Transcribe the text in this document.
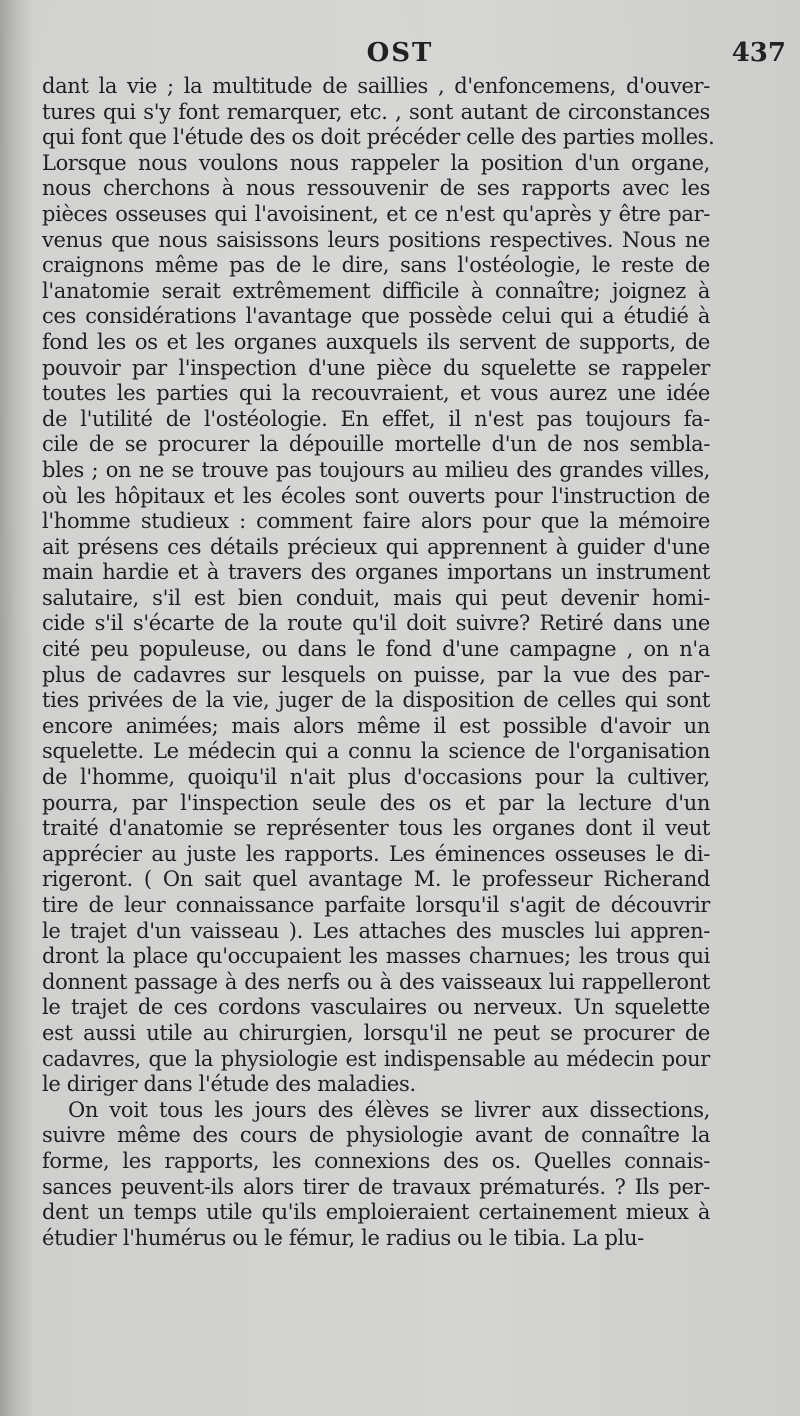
OST	437
dant la vie ; la multitude de saillies , d'enfoncemens, d'ouver-
tures qui s'y font remarquer, etc. , sont autant de circonstances
qui font que l'étude des os doit précéder celle des parties molles.
Lorsque nous voulons nous rappeler la position d'un organe,
nous cherchons à nous ressouvenir de ses rapports avec les
pièces osseuses qui l'avoisinent, et ce n'est qu'après y être par-
venus que nous saisissons leurs positions respectives. Nous ne
craignons même pas de le dire, sans l'ostéologie, le reste de
l'anatomie serait extrêmement difficile à connaître; joignez à
ces considérations l'avantage que possède celui qui a étudié à
fond les os et les organes auxquels ils servent de supports, de
pouvoir par l'inspection d'une pièce du squelette se rappeler
toutes les parties qui la recouvraient, et vous aurez une idée
de l'utilité de l'ostéologie. En effet, il n'est pas toujours fa-
cile de se procurer la dépouille mortelle d'un de nos sembla-
bles ; on ne se trouve pas toujours au milieu des grandes villes,
où les hôpitaux et les écoles sont ouverts pour l'instruction de
l'homme studieux : comment faire alors pour que la mémoire
ait présens ces détails précieux qui apprennent à guider d'une
main hardie et à travers des organes importans un instrument
salutaire, s'il est bien conduit, mais qui peut devenir homi-
cide s'il s'écarte de la route qu'il doit suivre? Retiré dans une
cité peu populeuse, ou dans le fond d'une campagne , on n'a
plus de cadavres sur lesquels on puisse, par la vue des par-
ties privées de la vie, juger de la disposition de celles qui sont
encore animées; mais alors même il est possible d'avoir un
squelette. Le médecin qui a connu la science de l'organisation
de l'homme, quoiqu'il n'ait plus d'occasions pour la cultiver,
pourra, par l'inspection seule des os et par la lecture d'un
traité d'anatomie se représenter tous les organes dont il veut
apprécier au juste les rapports. Les éminences osseuses le di-
rigeront. ( On sait quel avantage M. le professeur Richerand
tire de leur connaissance parfaite lorsqu'il s'agit de découvrir
le trajet d'un vaisseau ). Les attaches des muscles lui appren-
dront la place qu'occupaient les masses charnues; les trous qui
donnent passage à des nerfs ou à des vaisseaux lui rappelleront
le trajet de ces cordons vasculaires ou nerveux. Un squelette
est aussi utile au chirurgien, lorsqu'il ne peut se procurer de
cadavres, que la physiologie est indispensable au médecin pour
le diriger dans l'étude des maladies.
On voit tous les jours des élèves se livrer aux dissections,
suivre même des cours de physiologie avant de connaître la
forme, les rapports, les connexions des os. Quelles connais-
sances peuvent-ils alors tirer de travaux prématurés. ? Ils per-
dent un temps utile qu'ils emploieraient certainement mieux à
étudier l'humérus ou le fémur, le radius ou le tibia. La plu-
